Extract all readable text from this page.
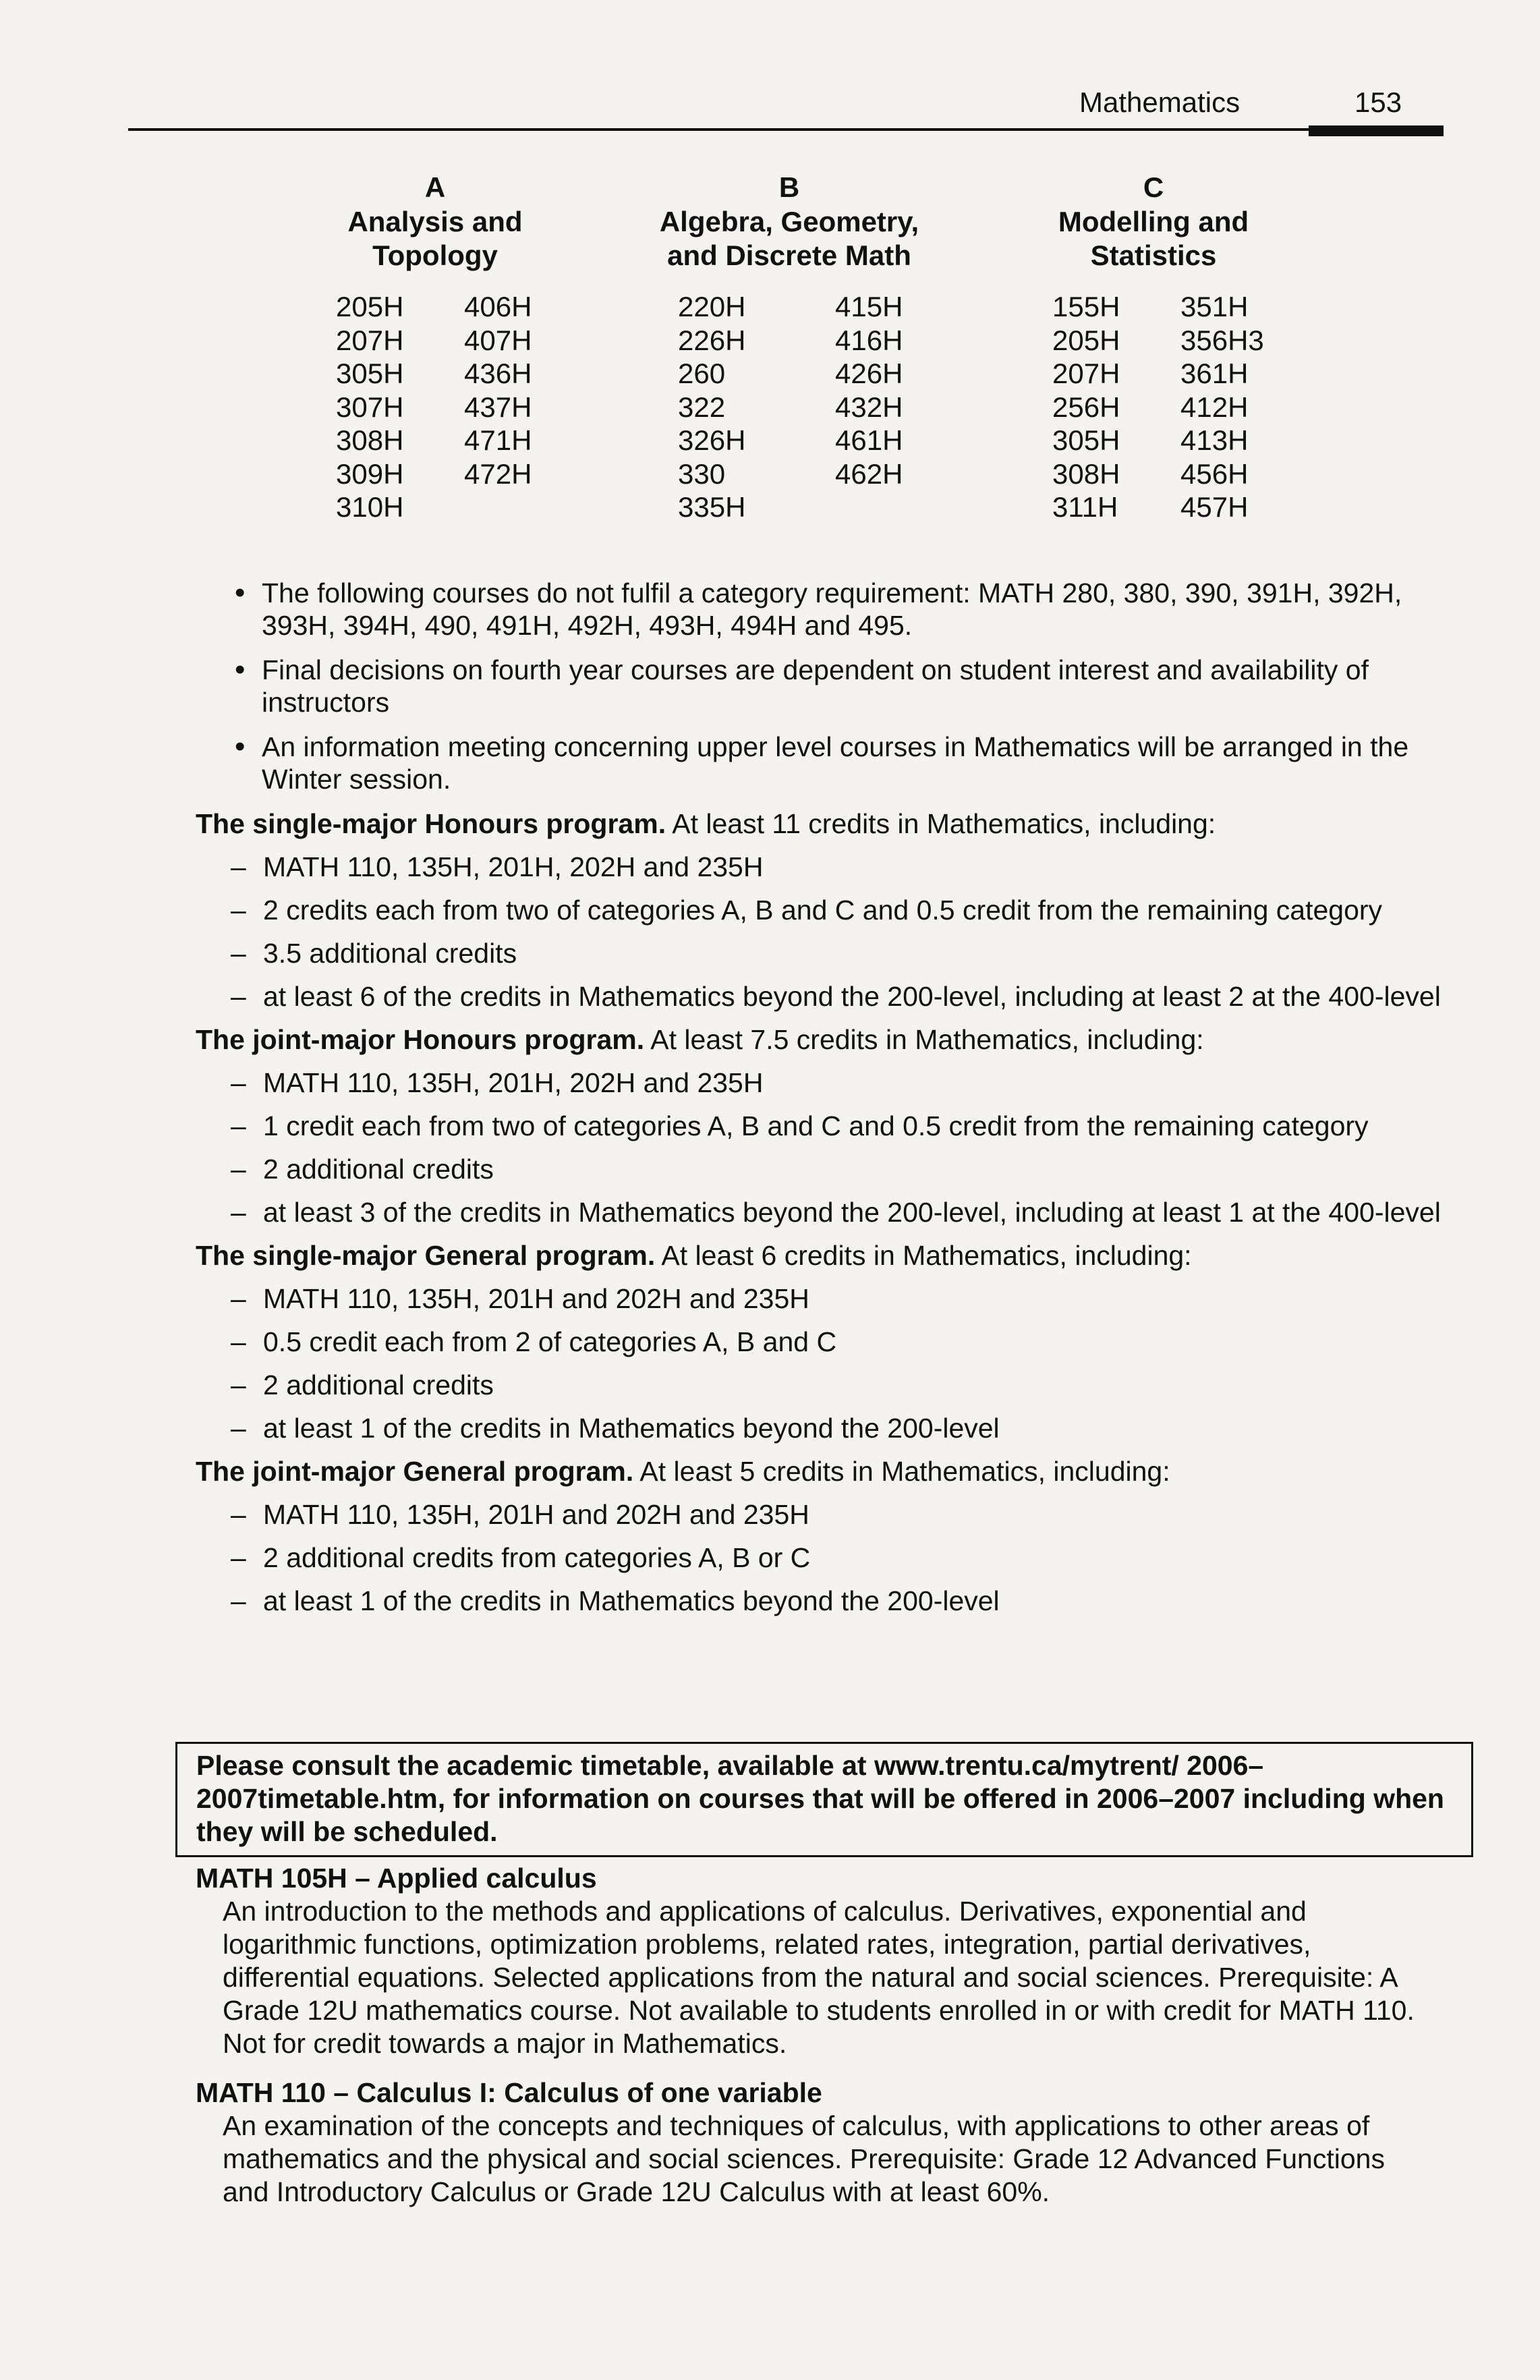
Mathematics	153
A
Analysis and
Topology
205H
207H
305H
307H
308H
309H
310H
406H
407H
436H
437H
471H
472H
B
Algebra, Geometry,
and Discrete Math
220H
226H
260
322
326H
330
335H
415H
416H
426H
432H
461H
462H
C
Modelling and
Statistics
155H
205H
207H
256H
305H
308H
311H
351H
356H3
361H
412H
413H
456H
457H
• The following courses do not fulfil a category requirement: MATH 280, 380, 390, 391H, 392H, 393H, 394H, 490, 491H, 492H, 493H, 494H and 495.
• Final decisions on fourth year courses are dependent on student interest and availability of instructors
• An information meeting concerning upper level courses in Mathematics will be arranged in the Winter session.
The single-major Honours program. At least 11 credits in Mathematics, including:
– MATH 110, 135H, 201H, 202H and 235H
– 2 credits each from two of categories A, B and C and 0.5 credit from the remaining category
– 3.5 additional credits
– at least 6 of the credits in Mathematics beyond the 200-level, including at least 2 at the 400-level
The joint-major Honours program. At least 7.5 credits in Mathematics, including:
– MATH 110, 135H, 201H, 202H and 235H
– 1 credit each from two of categories A, B and C and 0.5 credit from the remaining category
– 2 additional credits
– at least 3 of the credits in Mathematics beyond the 200-level, including at least 1 at the 400-level
The single-major General program. At least 6 credits in Mathematics, including:
– MATH 110, 135H, 201H and 202H and 235H
– 0.5 credit each from 2 of categories A, B and C
– 2 additional credits
– at least 1 of the credits in Mathematics beyond the 200-level
The joint-major General program. At least 5 credits in Mathematics, including:
– MATH 110, 135H, 201H and 202H and 235H
– 2 additional credits from categories A, B or C
– at least 1 of the credits in Mathematics beyond the 200-level
Please consult the academic timetable, available at www.trentu.ca/mytrent/ 2006–2007timetable.htm, for information on courses that will be offered in 2006–2007 including when they will be scheduled.
MATH 105H – Applied calculus
An introduction to the methods and applications of calculus. Derivatives, exponential and logarithmic functions, optimization problems, related rates, integration, partial derivatives, differential equations. Selected applications from the natural and social sciences. Prerequisite: A Grade 12U mathematics course. Not available to students enrolled in or with credit for MATH 110. Not for credit towards a major in Mathematics.
MATH 110 – Calculus I: Calculus of one variable
An examination of the concepts and techniques of calculus, with applications to other areas of mathematics and the physical and social sciences. Prerequisite: Grade 12 Advanced Functions and Introductory Calculus or Grade 12U Calculus with at least 60%.
